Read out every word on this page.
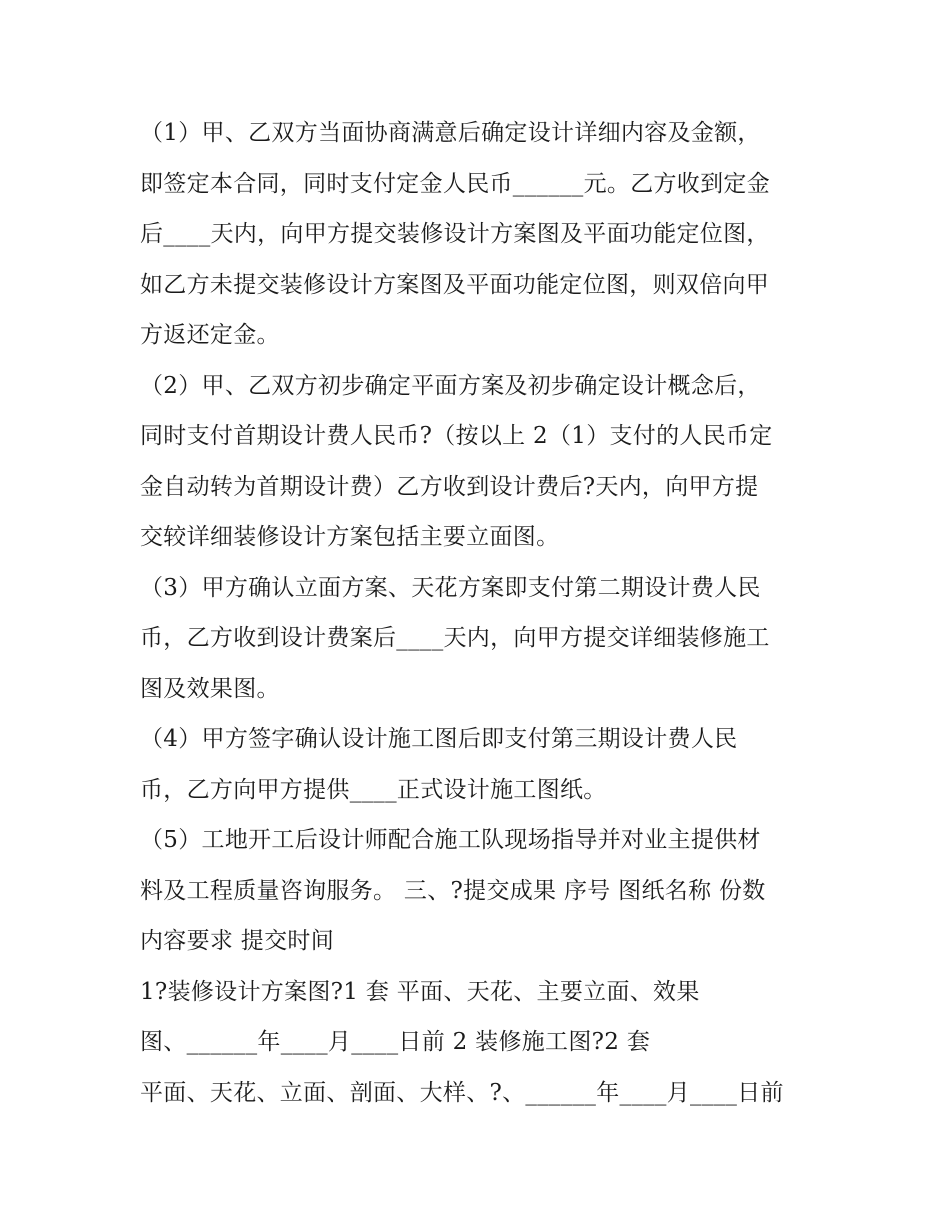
（1）甲、乙双方当面协商满意后确定设计详细内容及金额，
即签定本合同，同时支付定金人民币______元。乙方收到定金
后____天内，向甲方提交装修设计方案图及平面功能定位图，
如乙方未提交装修设计方案图及平面功能定位图，则双倍向甲
方返还定金。
（2）甲、乙双方初步确定平面方案及初步确定设计概念后，
同时支付首期设计费人民币?（按以上 2（1）支付的人民币定
金自动转为首期设计费）乙方收到设计费后?天内，向甲方提
交较详细装修设计方案包括主要立面图。
（3）甲方确认立面方案、天花方案即支付第二期设计费人民
币，乙方收到设计费案后____天内，向甲方提交详细装修施工
图及效果图。
（4）甲方签字确认设计施工图后即支付第三期设计费人民
币，乙方向甲方提供____正式设计施工图纸。
（5）工地开工后设计师配合施工队现场指导并对业主提供材
料及工程质量咨询服务。 三、?提交成果 序号 图纸名称 份数
内容要求 提交时间
1?装修设计方案图?1 套 平面、天花、主要立面、效果
图、______年____月____日前 2 装修施工图?2 套
平面、天花、立面、剖面、大样、?、______年____月____日前
